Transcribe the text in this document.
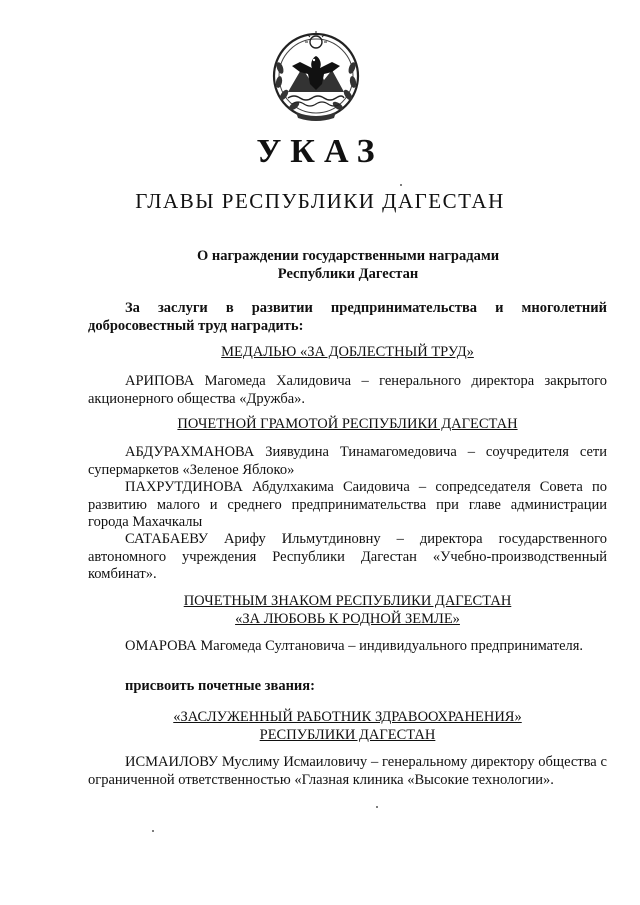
УКАЗ
ГЛАВЫ РЕСПУБЛИКИ ДАГЕСТАН
О награждении государственными наградами
Республики Дагестан
За заслуги в развитии предпринимательства и многолетний добросовестный труд наградить:
МЕДАЛЬЮ «ЗА ДОБЛЕСТНЫЙ ТРУД»
АРИПОВА Магомеда Халидовича – генерального директора закрытого акционерного общества «Дружба».
ПОЧЕТНОЙ ГРАМОТОЙ РЕСПУБЛИКИ ДАГЕСТАН
АБДУРАХМАНОВА Зиявудина Тинамагомедовича – соучредителя сети супермаркетов «Зеленое Яблоко»
ПАХРУТДИНОВА Абдулхакима Саидовича – сопредседателя Совета по развитию малого и среднего предпринимательства при главе администрации города Махачкалы
САТАБАЕВУ Арифу Ильмутдиновну – директора государственного автономного учреждения Республики Дагестан «Учебно-производственный комбинат».
ПОЧЕТНЫМ ЗНАКОМ РЕСПУБЛИКИ ДАГЕСТАН
«ЗА ЛЮБОВЬ К РОДНОЙ ЗЕМЛЕ»
ОМАРОВА Магомеда Султановича – индивидуального предпринимателя.
присвоить почетные звания:
«ЗАСЛУЖЕННЫЙ РАБОТНИК ЗДРАВООХРАНЕНИЯ»
РЕСПУБЛИКИ ДАГЕСТАН
ИСМАИЛОВУ Муслиму Исмаиловичу – генеральному директору общества с ограниченной ответственностью «Глазная клиника «Высокие технологии».
